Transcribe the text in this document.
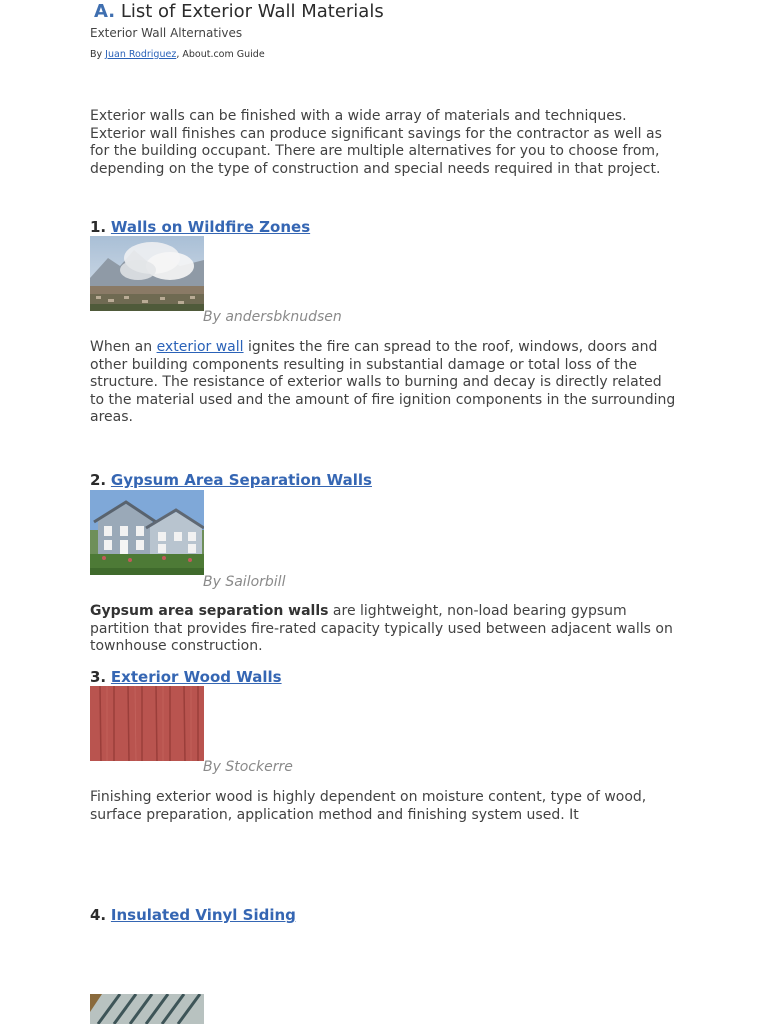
A. List of Exterior Wall Materials
Exterior Wall Alternatives
By Juan Rodriguez, About.com Guide
Exterior walls can be finished with a wide array of materials and techniques. Exterior wall finishes can produce significant savings for the contractor as well as for the building occupant. There are multiple alternatives for you to choose from, depending on the type of construction and special needs required in that project.
1. Walls on Wildfire Zones
By andersbknudsen
When an exterior wall ignites the fire can spread to the roof, windows, doors and other building components resulting in substantial damage or total loss of the structure. The resistance of exterior walls to burning and decay is directly related to the material used and the amount of fire ignition components in the surrounding areas.
2. Gypsum Area Separation Walls
By Sailorbill
Gypsum area separation walls are lightweight, non-load bearing gypsum partition that provides fire-rated capacity typically used between adjacent walls on townhouse construction.
3. Exterior Wood Walls
By Stockerre
Finishing exterior wood is highly dependent on moisture content, type of wood, surface preparation, application method and finishing system used. It
4. Insulated Vinyl Siding
